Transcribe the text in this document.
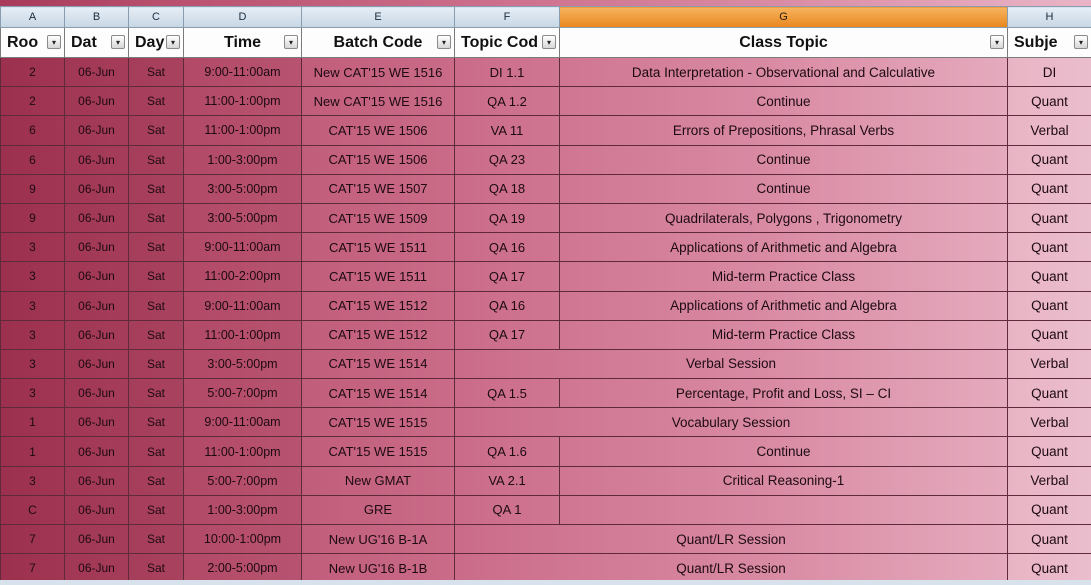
A	B	C	D	E	F	G	H
Roo ▾	Dat ▾	Day ▾	Time ▾	Batch Code ▾	Topic Cod ▾	Class Topic ▾	Subje ▾

2	06-Jun	Sat	9:00-11:00am	New CAT'15 WE 1516	DI 1.1	Data Interpretation - Observational and Calculative	DI
2	06-Jun	Sat	11:00-1:00pm	New CAT'15 WE 1516	QA 1.2	Continue	Quant
6	06-Jun	Sat	11:00-1:00pm	CAT'15 WE 1506	VA 11	Errors of Prepositions, Phrasal Verbs	Verbal
6	06-Jun	Sat	1:00-3:00pm	CAT'15 WE 1506	QA 23	Continue	Quant
9	06-Jun	Sat	3:00-5:00pm	CAT'15 WE 1507	QA 18	Continue	Quant
9	06-Jun	Sat	3:00-5:00pm	CAT'15 WE 1509	QA 19	Quadrilaterals, Polygons , Trigonometry	Quant
3	06-Jun	Sat	9:00-11:00am	CAT'15 WE 1511	QA 16	Applications of Arithmetic and Algebra	Quant
3	06-Jun	Sat	11:00-2:00pm	CAT'15 WE 1511	QA 17	Mid-term Practice Class	Quant
3	06-Jun	Sat	9:00-11:00am	CAT'15 WE 1512	QA 16	Applications of Arithmetic and Algebra	Quant
3	06-Jun	Sat	11:00-1:00pm	CAT'15 WE 1512	QA 17	Mid-term Practice Class	Quant
3	06-Jun	Sat	3:00-5:00pm	CAT'15 WE 1514	Verbal Session		Verbal
3	06-Jun	Sat	5:00-7:00pm	CAT'15 WE 1514	QA 1.5	Percentage, Profit and Loss, SI – CI	Quant
1	06-Jun	Sat	9:00-11:00am	CAT'15 WE 1515	Vocabulary Session		Verbal
1	06-Jun	Sat	11:00-1:00pm	CAT'15 WE 1515	QA 1.6	Continue	Quant
3	06-Jun	Sat	5:00-7:00pm	New GMAT	VA 2.1	Critical Reasoning-1	Verbal
C	06-Jun	Sat	1:00-3:00pm	GRE	QA 1		Quant
7	06-Jun	Sat	10:00-1:00pm	New UG'16 B-1A	Quant/LR Session		Quant
7	06-Jun	Sat	2:00-5:00pm	New UG'16 B-1B	Quant/LR Session		Quant
